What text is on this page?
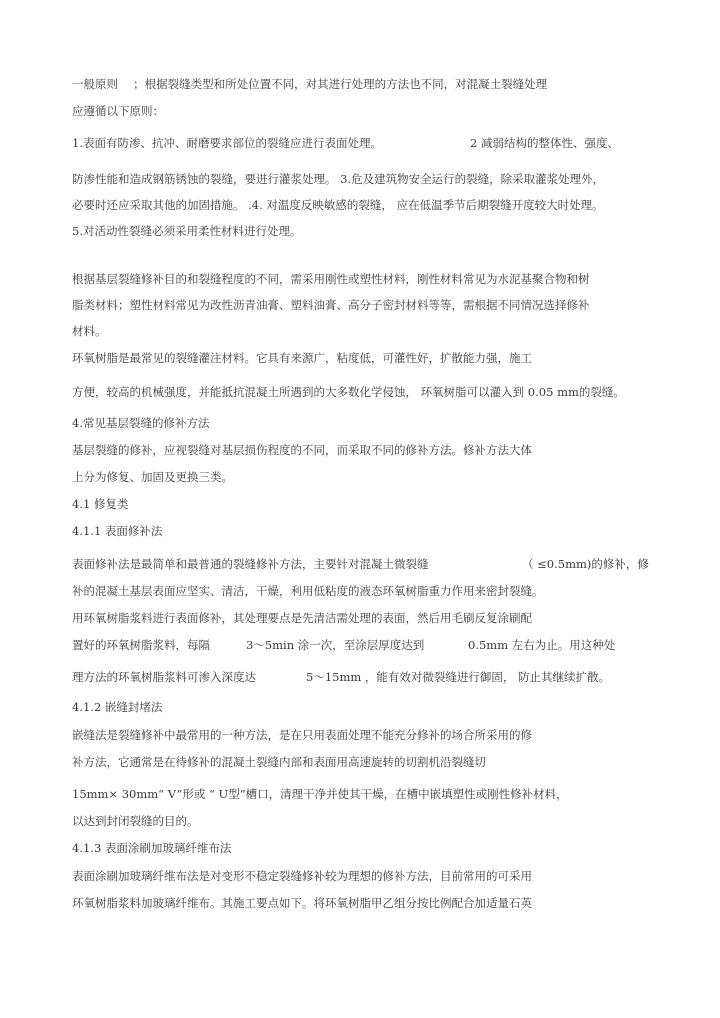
一般原则　 ；根据裂缝类型和所处位置不同，对其进行处理的方法也不同，对混凝土裂缝处理
应遵循以下原则：
1.表面有防渗、抗冲、耐磨要求部位的裂缝应进行表面处理。	2 减弱结构的整体性、强度、
防渗性能和造成钢筋锈蚀的裂缝，要进行灌浆处理。 3.危及建筑物安全运行的裂缝，除采取灌浆处理外，
必要时还应采取其他的加固措施。 .4. 对温度反映敏感的裂缝， 应在低温季节后期裂缝开度较大时处理。
5.对活动性裂缝必须采用柔性材料进行处理。
根据基层裂缝修补目的和裂缝程度的不同，需采用刚性或塑性材料，刚性材料常见为水泥基聚合物和树
脂类材料；塑性材料常见为改性沥青油膏、塑料油膏、高分子密封材料等等，需根据不同情况选择修补
材料。
环氧树脂是最常见的裂缝灌注材料。它具有来源广，粘度低，可灌性好，扩散能力强，施工
方便，较高的机械强度，并能抵抗混凝土所遇到的大多数化学侵蚀， 环氧树脂可以灌入到 0.05 mm的裂缝。
4.常见基层裂缝的修补方法
基层裂缝的修补，应视裂缝对基层损伤程度的不同，而采取不同的修补方法。修补方法大体
上分为修复、加固及更换三类。
4.1 修复类
4.1.1 表面修补法
表面修补法是最简单和最普通的裂缝修补方法，主要针对混凝土微裂缝	（ ≤0.5mm)的修补，修
补的混凝土基层表面应坚实、清洁，干燥，利用低粘度的液态环氧树脂重力作用来密封裂缝。
用环氧树脂浆料进行表面修补，其处理要点是先清洁需处理的表面，然后用毛刷反复涂刷配
置好的环氧树脂浆料，每隔	3～5min 涂一次，至涂层厚度达到	0.5mm 左右为止。用这种处
理方法的环氧树脂浆料可渗入深度达	5～15mm ，能有效对微裂缝进行御固， 防止其继续扩散。
4.1.2 嵌缝封堵法
嵌缝法是裂缝修补中最常用的一种方法，是在只用表面处理不能充分修补的场合所采用的修
补方法，它通常是在待修补的混凝土裂缝内部和表面用高速旋转的切割机沿裂缝切
15mm× 30mm“ V”形或 “ U型”槽口，清理干净并使其干燥，在槽中嵌填塑性或刚性修补材料，
以达到封闭裂缝的目的。
4.1.3 表面涂刷加玻璃纤维布法
表面涂刷加玻璃纤维布法是对变形不稳定裂缝修补较为理想的修补方法，目前常用的可采用
环氧树脂浆料加玻璃纤维布。其施工要点如下。将环氧树脂甲乙组分按比例配合加适量石英
